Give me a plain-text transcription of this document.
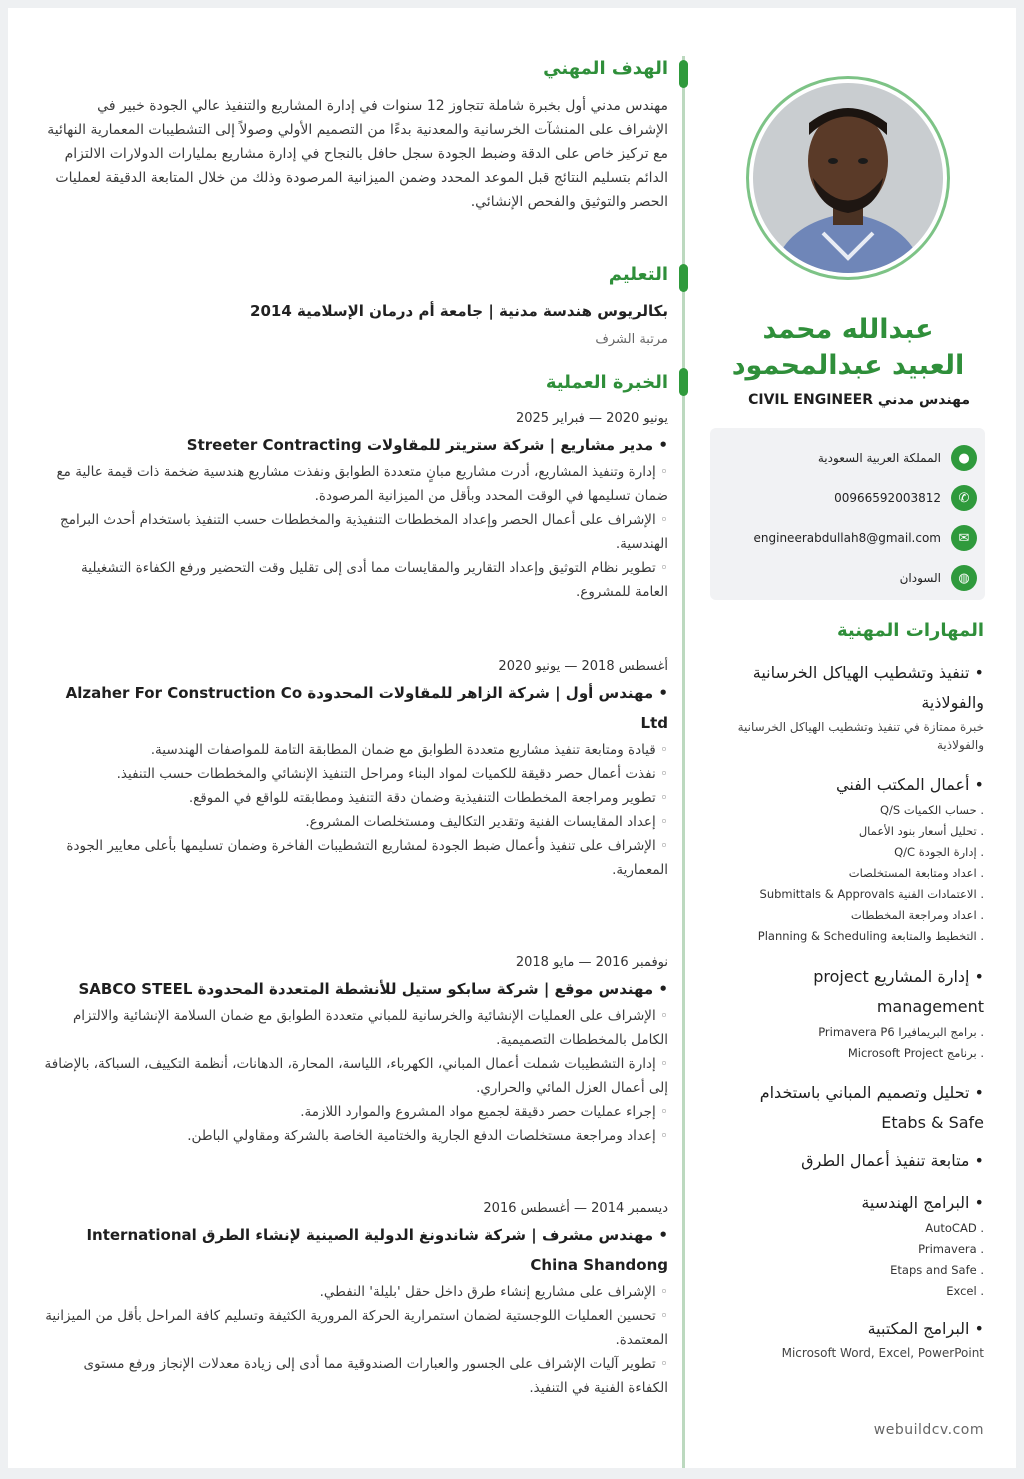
الهدف المهني

مهندس مدني أول بخبرة شاملة تتجاوز 12 سنوات في إدارة المشاريع والتنفيذ عالي الجودة خبير في الإشراف على المنشآت الخرسانية والمعدنية بدءًا من التصميم الأولي وصولاً إلى التشطيبات المعمارية النهائية مع تركيز خاص على الدقة وضبط الجودة سجل حافل بالنجاح في إدارة مشاريع بمليارات الدولارات الالتزام الدائم بتسليم النتائج قبل الموعد المحدد وضمن الميزانية المرصودة وذلك من خلال المتابعة الدقيقة لعمليات الحصر والتوثيق والفحص الإنشائي.

التعليم
بكالريوس هندسة مدنية | جامعة أم درمان الإسلامية 2014
مرتبة الشرف
الخبرة العملية
يونيو 2020 — فبراير 2025
• مدير مشاريع | شركة ستريتر للمقاولات Streeter Contracting
◦ إدارة وتنفيذ المشاريع، أدرت مشاريع مبانٍ متعددة الطوابق ونفذت مشاريع هندسية ضخمة ذات قيمة عالية مع ضمان تسليمها في الوقت المحدد وبأقل من الميزانية المرصودة.
◦ الإشراف على أعمال الحصر وإعداد المخططات التنفيذية والمخططات حسب التنفيذ باستخدام أحدث البرامج الهندسية.
◦ تطوير نظام التوثيق وإعداد التقارير والمقايسات مما أدى إلى تقليل وقت التحضير ورفع الكفاءة التشغيلية العامة للمشروع.
أغسطس 2018 — يونيو 2020
• مهندس أول | شركة الزاهر للمقاولات المحدودة Alzaher For Construction Co Ltd
◦ قيادة ومتابعة تنفيذ مشاريع متعددة الطوابق مع ضمان المطابقة التامة للمواصفات الهندسية.
◦ نفذت أعمال حصر دقيقة للكميات لمواد البناء ومراحل التنفيذ الإنشائي والمخططات حسب التنفيذ.
◦ تطوير ومراجعة المخططات التنفيذية وضمان دقة التنفيذ ومطابقته للواقع في الموقع.
◦ إعداد المقايسات الفنية وتقدير التكاليف ومستخلصات المشروع.
◦ الإشراف على تنفيذ وأعمال ضبط الجودة لمشاريع التشطيبات الفاخرة وضمان تسليمها بأعلى معايير الجودة المعمارية.
نوفمبر 2016 — مايو 2018
• مهندس موقع | شركة سابكو ستيل للأنشطة المتعددة المحدودة SABCO STEEL
◦ الإشراف على العمليات الإنشائية والخرسانية للمباني متعددة الطوابق مع ضمان السلامة الإنشائية والالتزام الكامل بالمخططات التصميمية.
◦ إدارة التشطيبات شملت أعمال المباني، الكهرباء، اللياسة، المحارة، الدهانات، أنظمة التكييف، السباكة، بالإضافة إلى أعمال العزل المائي والحراري.
◦ إجراء عمليات حصر دقيقة لجميع مواد المشروع والموارد اللازمة.
◦ إعداد ومراجعة مستخلصات الدفع الجارية والختامية الخاصة بالشركة ومقاولي الباطن.
ديسمبر 2014 — أغسطس 2016
• مهندس مشرف | شركة شاندونغ الدولية الصينية لإنشاء الطرق International China Shandong
◦ الإشراف على مشاريع إنشاء طرق داخل حقل 'بليلة' النفطي.
◦ تحسين العمليات اللوجستية لضمان استمرارية الحركة المرورية الكثيفة وتسليم كافة المراحل بأقل من الميزانية المعتمدة.
◦ تطوير آليات الإشراف على الجسور والعبارات الصندوقية مما أدى إلى زيادة معدلات الإنجاز ورفع مستوى الكفاءة الفنية في التنفيذ.
عبدالله محمد
العبيد عبدالمحمود
مهندس مدني CIVIL ENGINEER
●
المملكة العربية السعودية
✆
00966592003812
✉
engineerabdullah8@gmail.com
◍
السودان
المهارات المهنية
• تنفيذ وتشطيب الهياكل الخرسانية والفولاذية
خبرة ممتازة في تنفيذ وتشطيب الهياكل الخرسانية والفولاذية
• أعمال المكتب الفني
. حساب الكميات Q/S
. تحليل أسعار بنود الأعمال
. إدارة الجودة Q/C
. اعداد ومتابعة المستخلصات
. الاعتمادات الفنية Submittals & Approvals
. اعداد ومراجعة المخططات
. التخطيط والمتابعة Planning & Scheduling
• إدارة المشاريع project management
. برامج البريمافيرا Primavera P6
. برنامج Microsoft Project
• تحليل وتصميم المباني باستخدام Etabs & Safe
• متابعة تنفيذ أعمال الطرق
• البرامج الهندسية
. AutoCAD
. Primavera
. Etaps and Safe
. Excel
• البرامج المكتبية
Microsoft Word, Excel, PowerPoint
webuildcv.com
